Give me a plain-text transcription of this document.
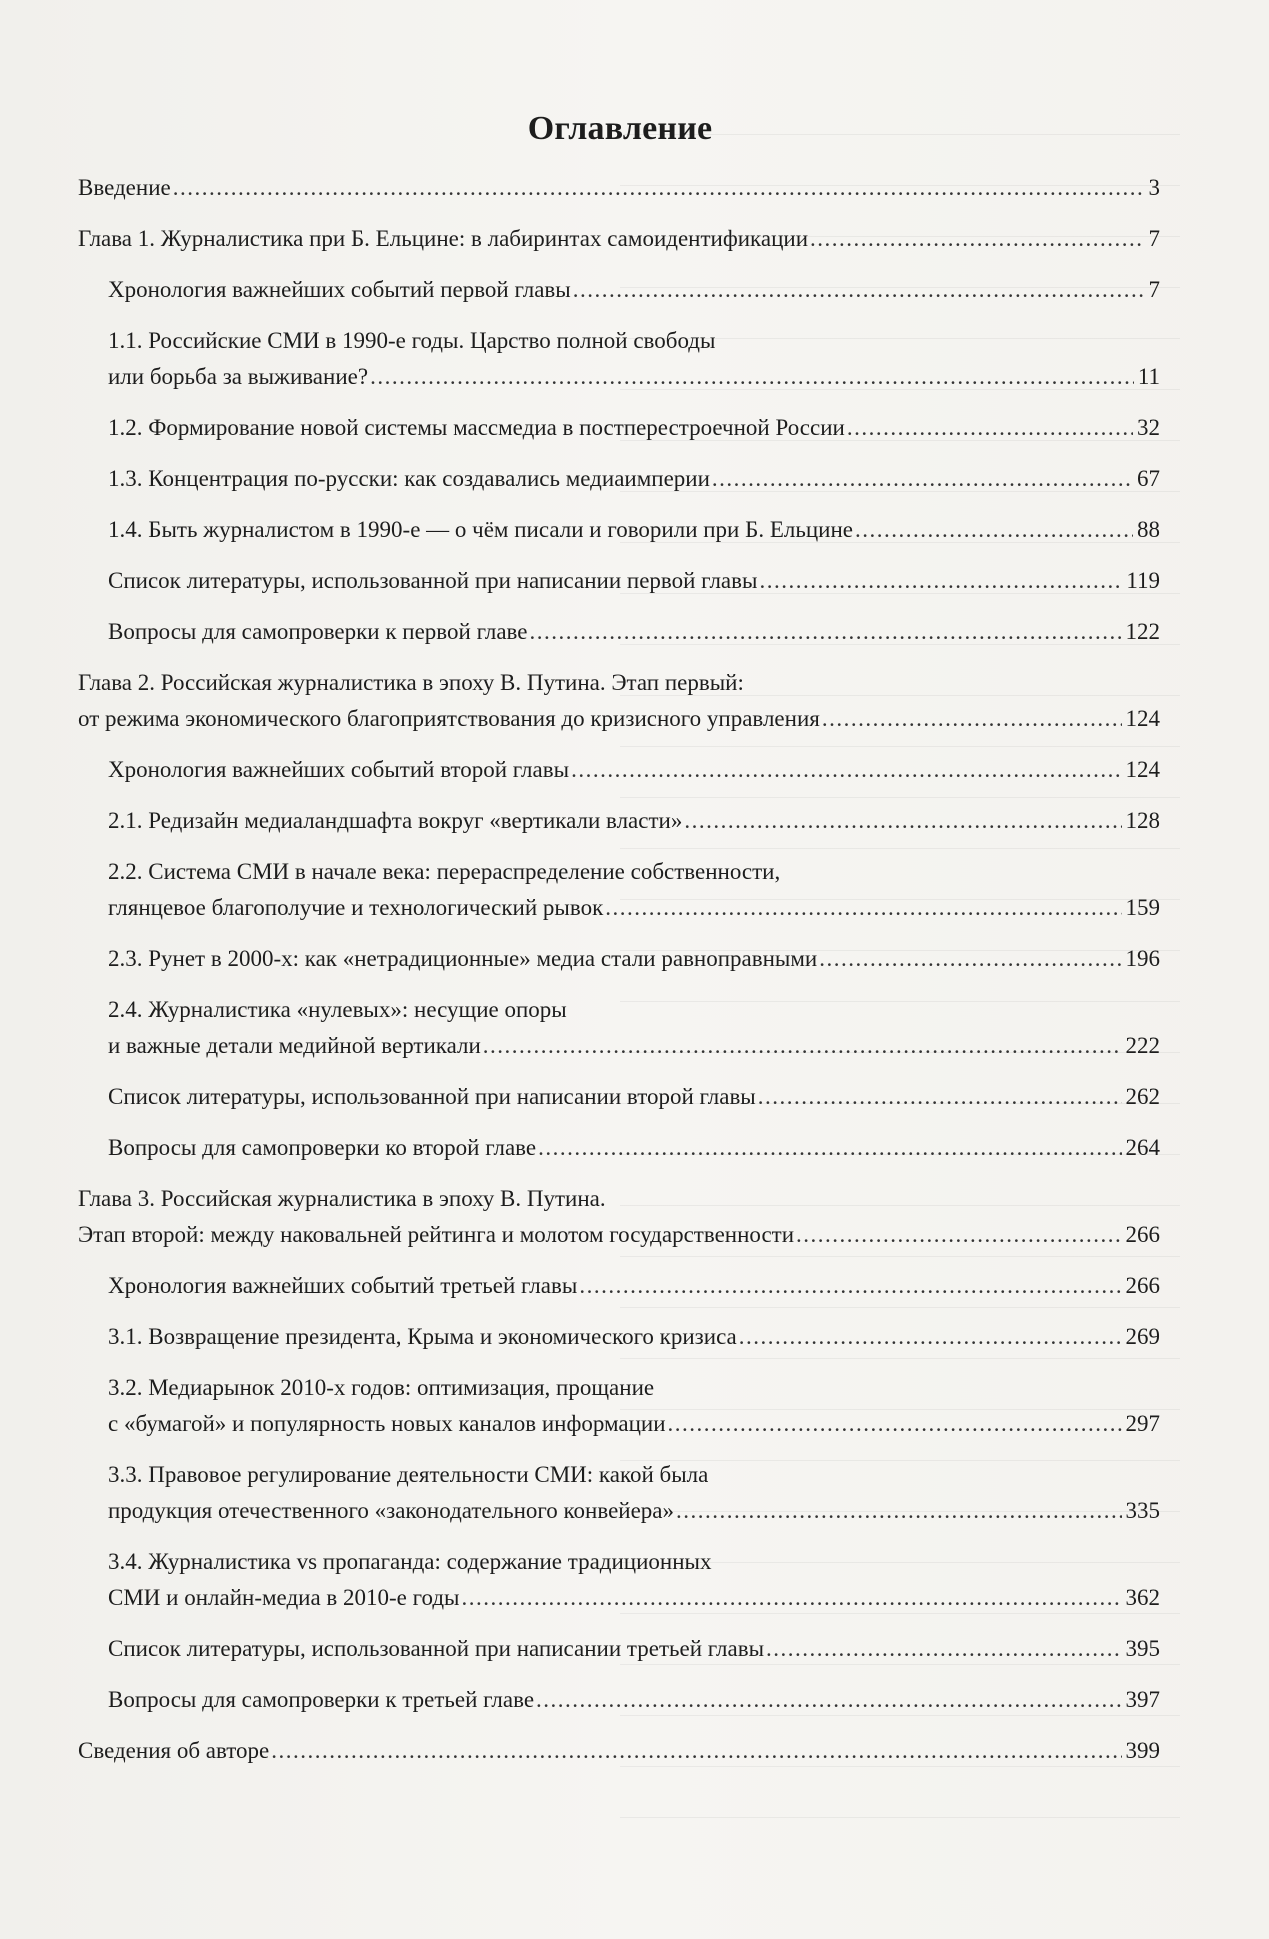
Оглавление
Введение .....	3
Глава 1. Журналистика при Б. Ельцине: в лабиринтах самоидентификации .....	7
Хронология важнейших событий первой главы .....	7
1.1. Российские СМИ в 1990-е годы. Царство полной свободы
или борьба за выживание? .....	11
1.2. Формирование новой системы массмедиа в постперестроечной России .....	32
1.3. Концентрация по-русски: как создавались медиаимперии .....	67
1.4. Быть журналистом в 1990-е — о чём писали и говорили при Б. Ельцине .....	88
Список литературы, использованной при написании первой главы .....	119
Вопросы для самопроверки к первой главе .....	122
Глава 2. Российская журналистика в эпоху В. Путина. Этап первый:
от режима экономического благоприятствования до кризисного управления .....	124
Хронология важнейших событий второй главы .....	124
2.1. Редизайн медиаландшафта вокруг «вертикали власти» .....	128
2.2. Система СМИ в начале века: перераспределение собственности,
глянцевое благополучие и технологический рывок .....	159
2.3. Рунет в 2000-х: как «нетрадиционные» медиа стали равноправными .....	196
2.4. Журналистика «нулевых»: несущие опоры
и важные детали медийной вертикали .....	222
Список литературы, использованной при написании второй главы .....	262
Вопросы для самопроверки ко второй главе .....	264
Глава 3. Российская журналистика в эпоху В. Путина.
Этап второй: между наковальней рейтинга и молотом государственности .....	266
Хронология важнейших событий третьей главы .....	266
3.1. Возвращение президента, Крыма и экономического кризиса .....	269
3.2. Медиарынок 2010-х годов: оптимизация, прощание
с «бумагой» и популярность новых каналов информации .....	297
3.3. Правовое регулирование деятельности СМИ: какой была
продукция отечественного «законодательного конвейера» .....	335
3.4. Журналистика vs пропаганда: содержание традиционных
СМИ и онлайн-медиа в 2010-е годы .....	362
Список литературы, использованной при написании третьей главы .....	395
Вопросы для самопроверки к третьей главе .....	397
Сведения об авторе .....	399
